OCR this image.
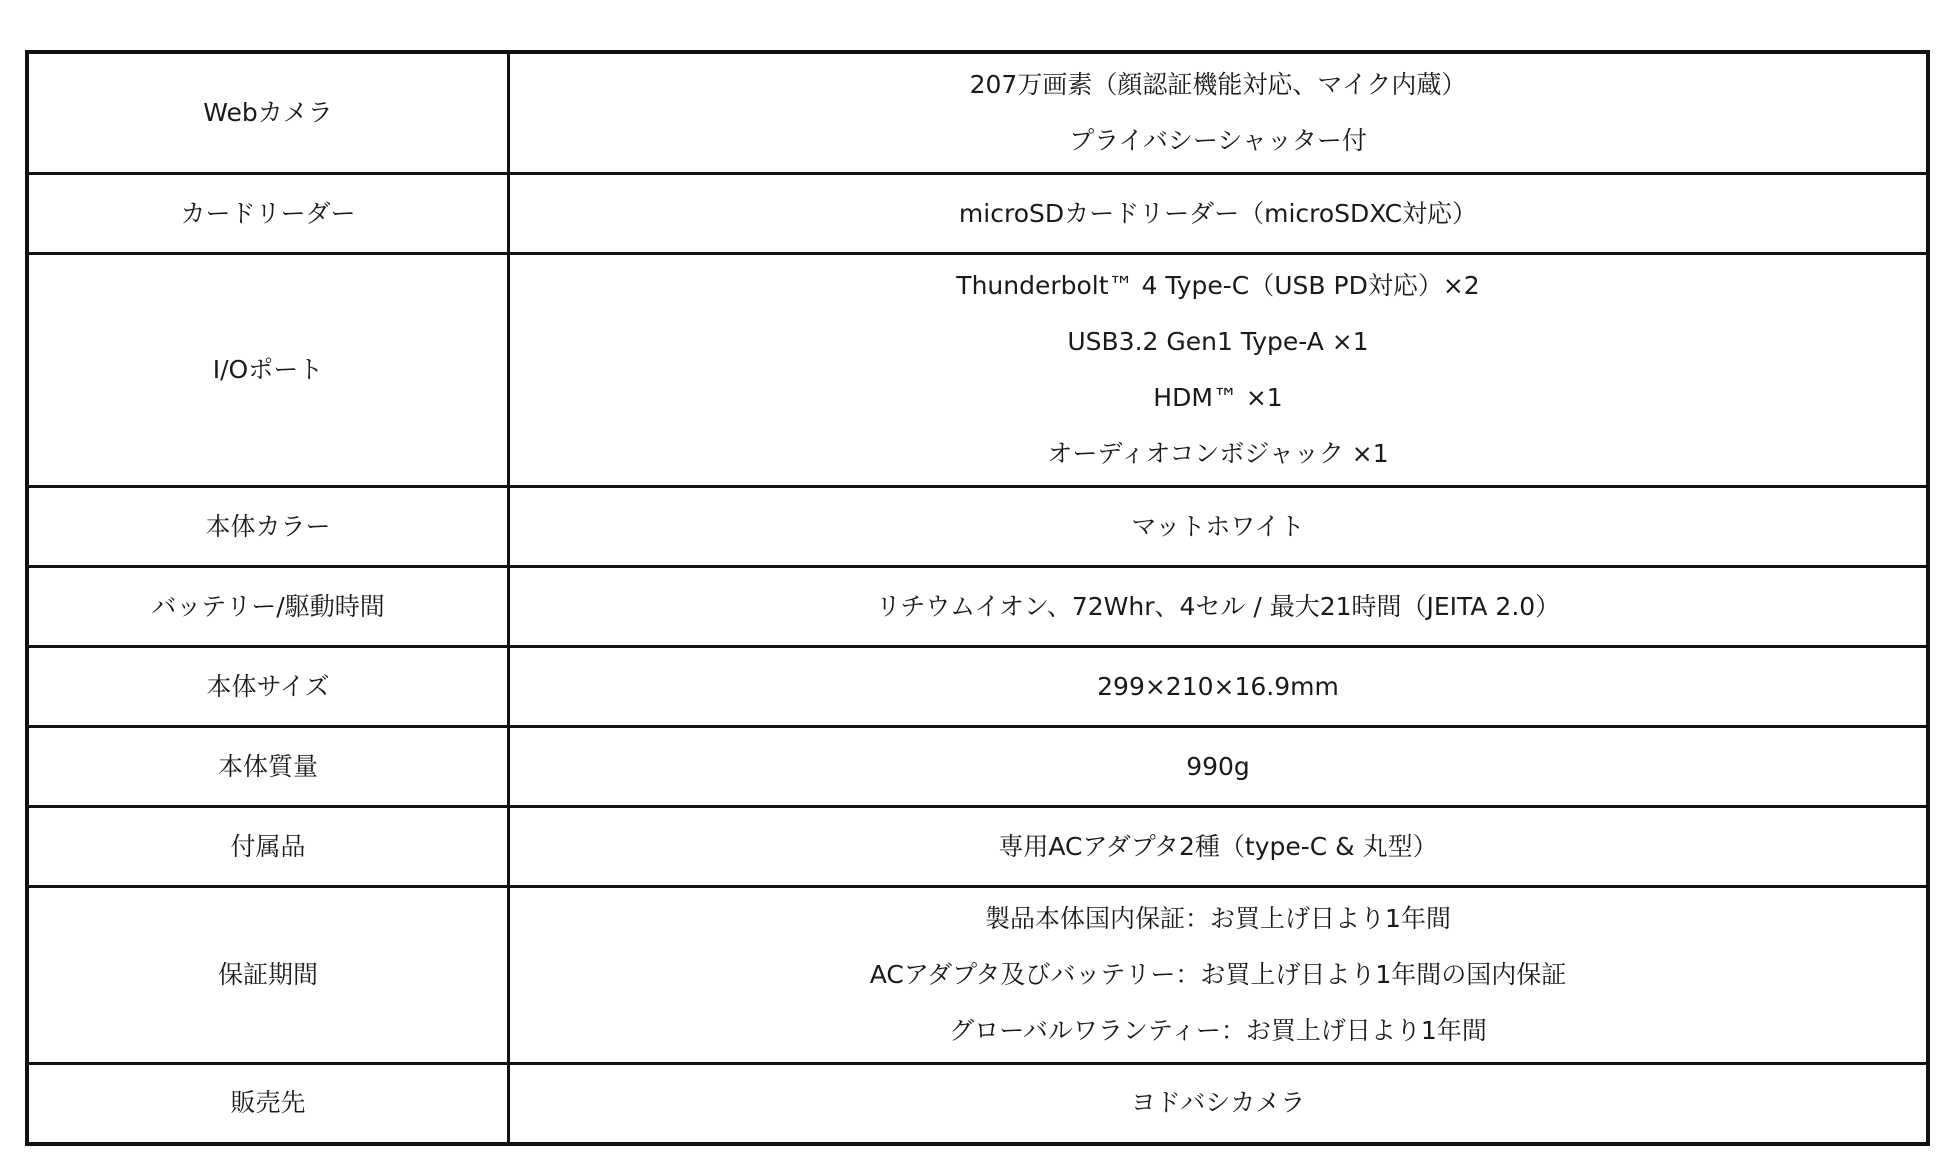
Webカメラ	207万画素（顔認証機能対応、マイク内蔵）
プライバシーシャッター付

カードリーダー	microSDカードリーダー（microSDXC対応）

I/Oポート	Thunderbolt™ 4 Type-C（USB PD対応）×2
USB3.2 Gen1 Type-A ×1
HDM™ ×1
オーディオコンボジャック ×1

本体カラー	マットホワイト

バッテリー/駆動時間	リチウムイオン、72Whr、4セル / 最大21時間（JEITA 2.0）

本体サイズ	299×210×16.9mm

本体質量	990g

付属品	専用ACアダプタ2種（type-C & 丸型）

保証期間	製品本体国内保証：お買上げ日より1年間
ACアダプタ及びバッテリー：お買上げ日より1年間の国内保証
グローバルワランティー：お買上げ日より1年間

販売先	ヨドバシカメラ
